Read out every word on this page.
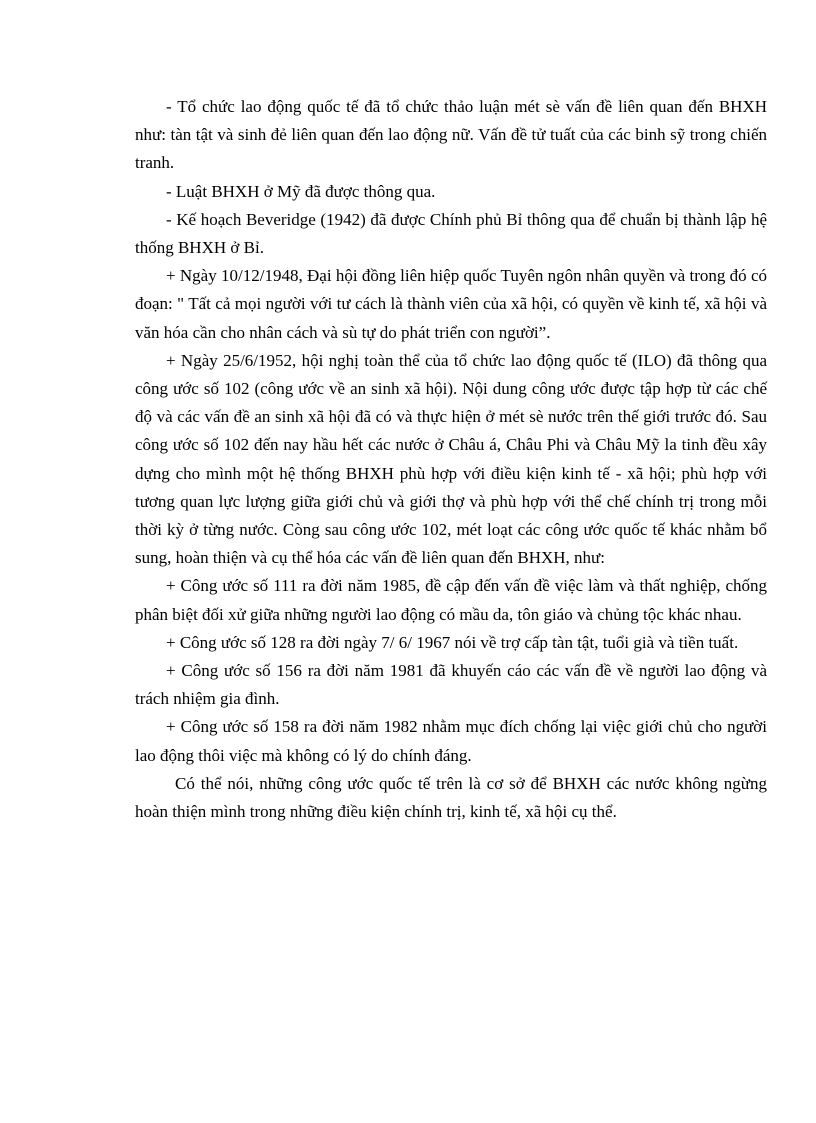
- Tổ chức lao động quốc tế đã tổ chức thảo luận mét sè vấn đề liên quan đến BHXH như: tàn tật và sinh đẻ liên quan đến lao động nữ. Vấn đề tử tuất của các binh sỹ trong chiến tranh.

- Luật BHXH ở Mỹ đã được thông qua.

- Kế hoạch Beveridge (1942) đã được Chính phủ Bỉ thông qua để chuẩn bị thành lập hệ thống BHXH ở Bỉ.

+ Ngày 10/12/1948, Đại hội đồng liên hiệp quốc Tuyên ngôn nhân quyền và trong đó có đoạn: " Tất cả mọi người với tư cách là thành viên của xã hội, có quyền về kinh tế, xã hội và văn hóa cần cho nhân cách và sù tự do phát triển con người”.

+ Ngày 25/6/1952, hội nghị toàn thể của tổ chức lao động quốc tế (ILO) đã thông qua công ước số 102 (công ước về an sinh xã hội). Nội dung công ước được tập hợp từ các chế độ và các vấn đề an sinh xã hội đã có và thực hiện ở mét sè nước trên thế giới trước đó. Sau công ước số 102 đến nay hầu hết các nước ở Châu á, Châu Phi và Châu Mỹ la tinh đều xây dựng cho mình một hệ thống BHXH phù hợp với điều kiện kinh tế - xã hội; phù hợp với tương quan lực lượng giữa giới chủ và giới thợ và phù hợp với thể chế chính trị trong mỗi thời kỳ ở từng nước. Còng sau công ước 102, mét loạt các công ước quốc tế khác nhằm bổ sung, hoàn thiện và cụ thể hóa các vấn đề liên quan đến BHXH, như:

+ Công ước số 111 ra đời năm 1985, đề cập đến vấn đề việc làm và thất nghiệp, chống phân biệt đối xử giữa những người lao động có mầu da, tôn giáo và chủng tộc khác nhau.

+ Công ước số 128 ra đời ngày 7/ 6/ 1967 nói về trợ cấp tàn tật, tuổi già và tiền tuất.

+ Công ước số 156 ra đời năm 1981 đã khuyến cáo các vấn đề về người lao động và trách nhiệm gia đình.

+ Công ước số 158 ra đời năm 1982 nhằm mục đích chống lại việc giới chủ cho người lao động thôi việc mà không có lý do chính đáng.

Có thể nói, những công ước quốc tế trên là cơ sở để BHXH các nước không ngừng hoàn thiện mình trong những điều kiện chính trị, kinh tế, xã hội cụ thể.
